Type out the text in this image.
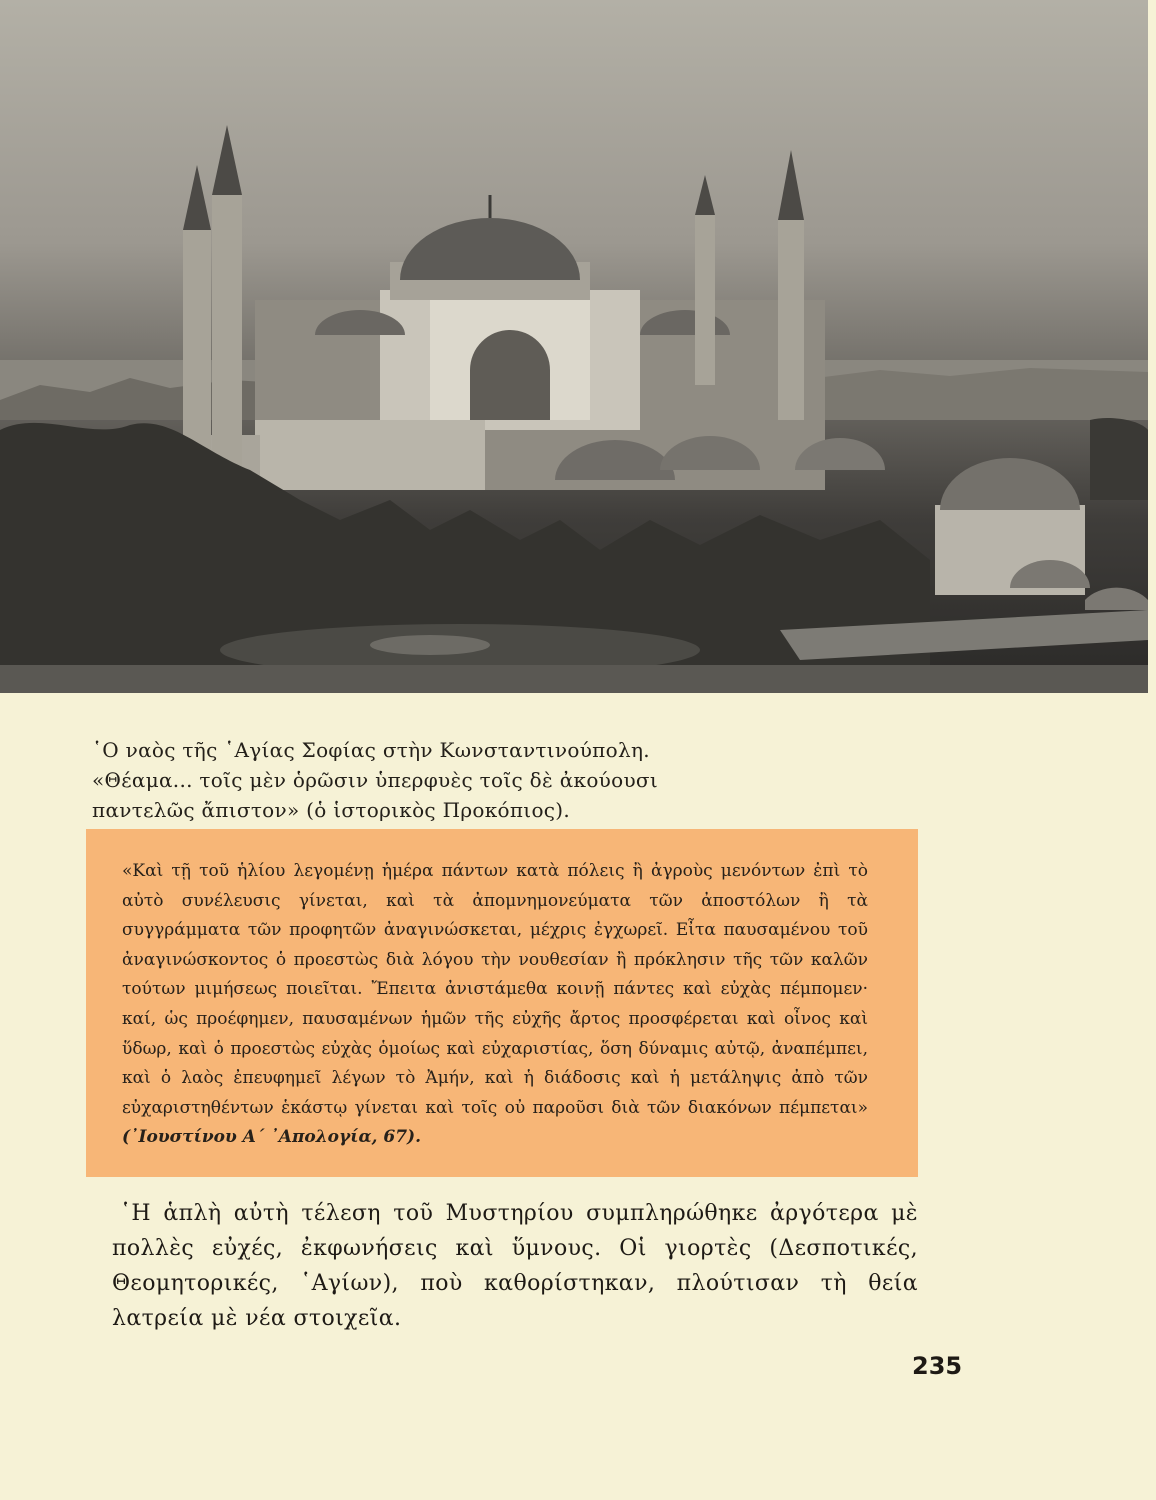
῾Ο ναὸς τῆς ῾Αγίας Σοφίας στὴν Κωνσταντινούπολη. «Θέαμα... τοῖς μὲν ὁρῶσιν ὑπερφυὲς τοῖς δὲ ἀκούουσι παντελῶς ἄπιστον» (ὁ ἱστορικὸς Προκόπιος).

«Καὶ τῇ τοῦ ἡλίου λεγομένῃ ἡμέρα πάντων κατὰ πόλεις ἢ ἀγροὺς μενόντων ἐπὶ τὸ αὐτὸ συνέλευσις γίνεται, καὶ τὰ ἀπομνημονεύματα τῶν ἀποστόλων ἢ τὰ συγγράμματα τῶν προφητῶν ἀναγινώσκεται, μέχρις ἐγχωρεῖ. Εἶτα παυσαμένου τοῦ ἀναγινώσκοντος ὁ προεστὼς διὰ λόγου τὴν νουθεσίαν ἢ πρόκλησιν τῆς τῶν καλῶν τούτων μιμήσεως ποιεῖται. Ἔπειτα ἀνιστάμεθα κοινῇ πάντες καὶ εὐχὰς πέμπομεν· καί, ὡς προέφημεν, παυσαμένων ἡμῶν τῆς εὐχῆς ἄρτος προσφέρεται καὶ οἶνος καὶ ὕδωρ, καὶ ὁ προεστὼς εὐχὰς ὁμοίως καὶ εὐχαριστίας, ὅση δύναμις αὐτῷ, ἀναπέμπει, καὶ ὁ λαὸς ἐπευφημεῖ λέγων τὸ Ἀμήν, καὶ ἡ διάδοσις καὶ ἡ μετάληψις ἀπὸ τῶν εὐχαριστηθέντων ἑκάστῳ γίνεται καὶ τοῖς οὐ παροῦσι διὰ τῶν διακόνων πέμπεται» (᾽Ιουστίνου Α΄ ᾽Απολογία, 67).

῾Η ἁπλὴ αὐτὴ τέλεση τοῦ Μυστηρίου συμπληρώθηκε ἀργότερα μὲ πολλὲς εὐχές, ἐκφωνήσεις καὶ ὕμνους. Οἱ γιορτὲς (Δεσποτικές, Θεομητορικές, ῾Αγίων), ποὺ καθορίστηκαν, πλούτισαν τὴ θεία λατρεία μὲ νέα στοιχεῖα.

235
